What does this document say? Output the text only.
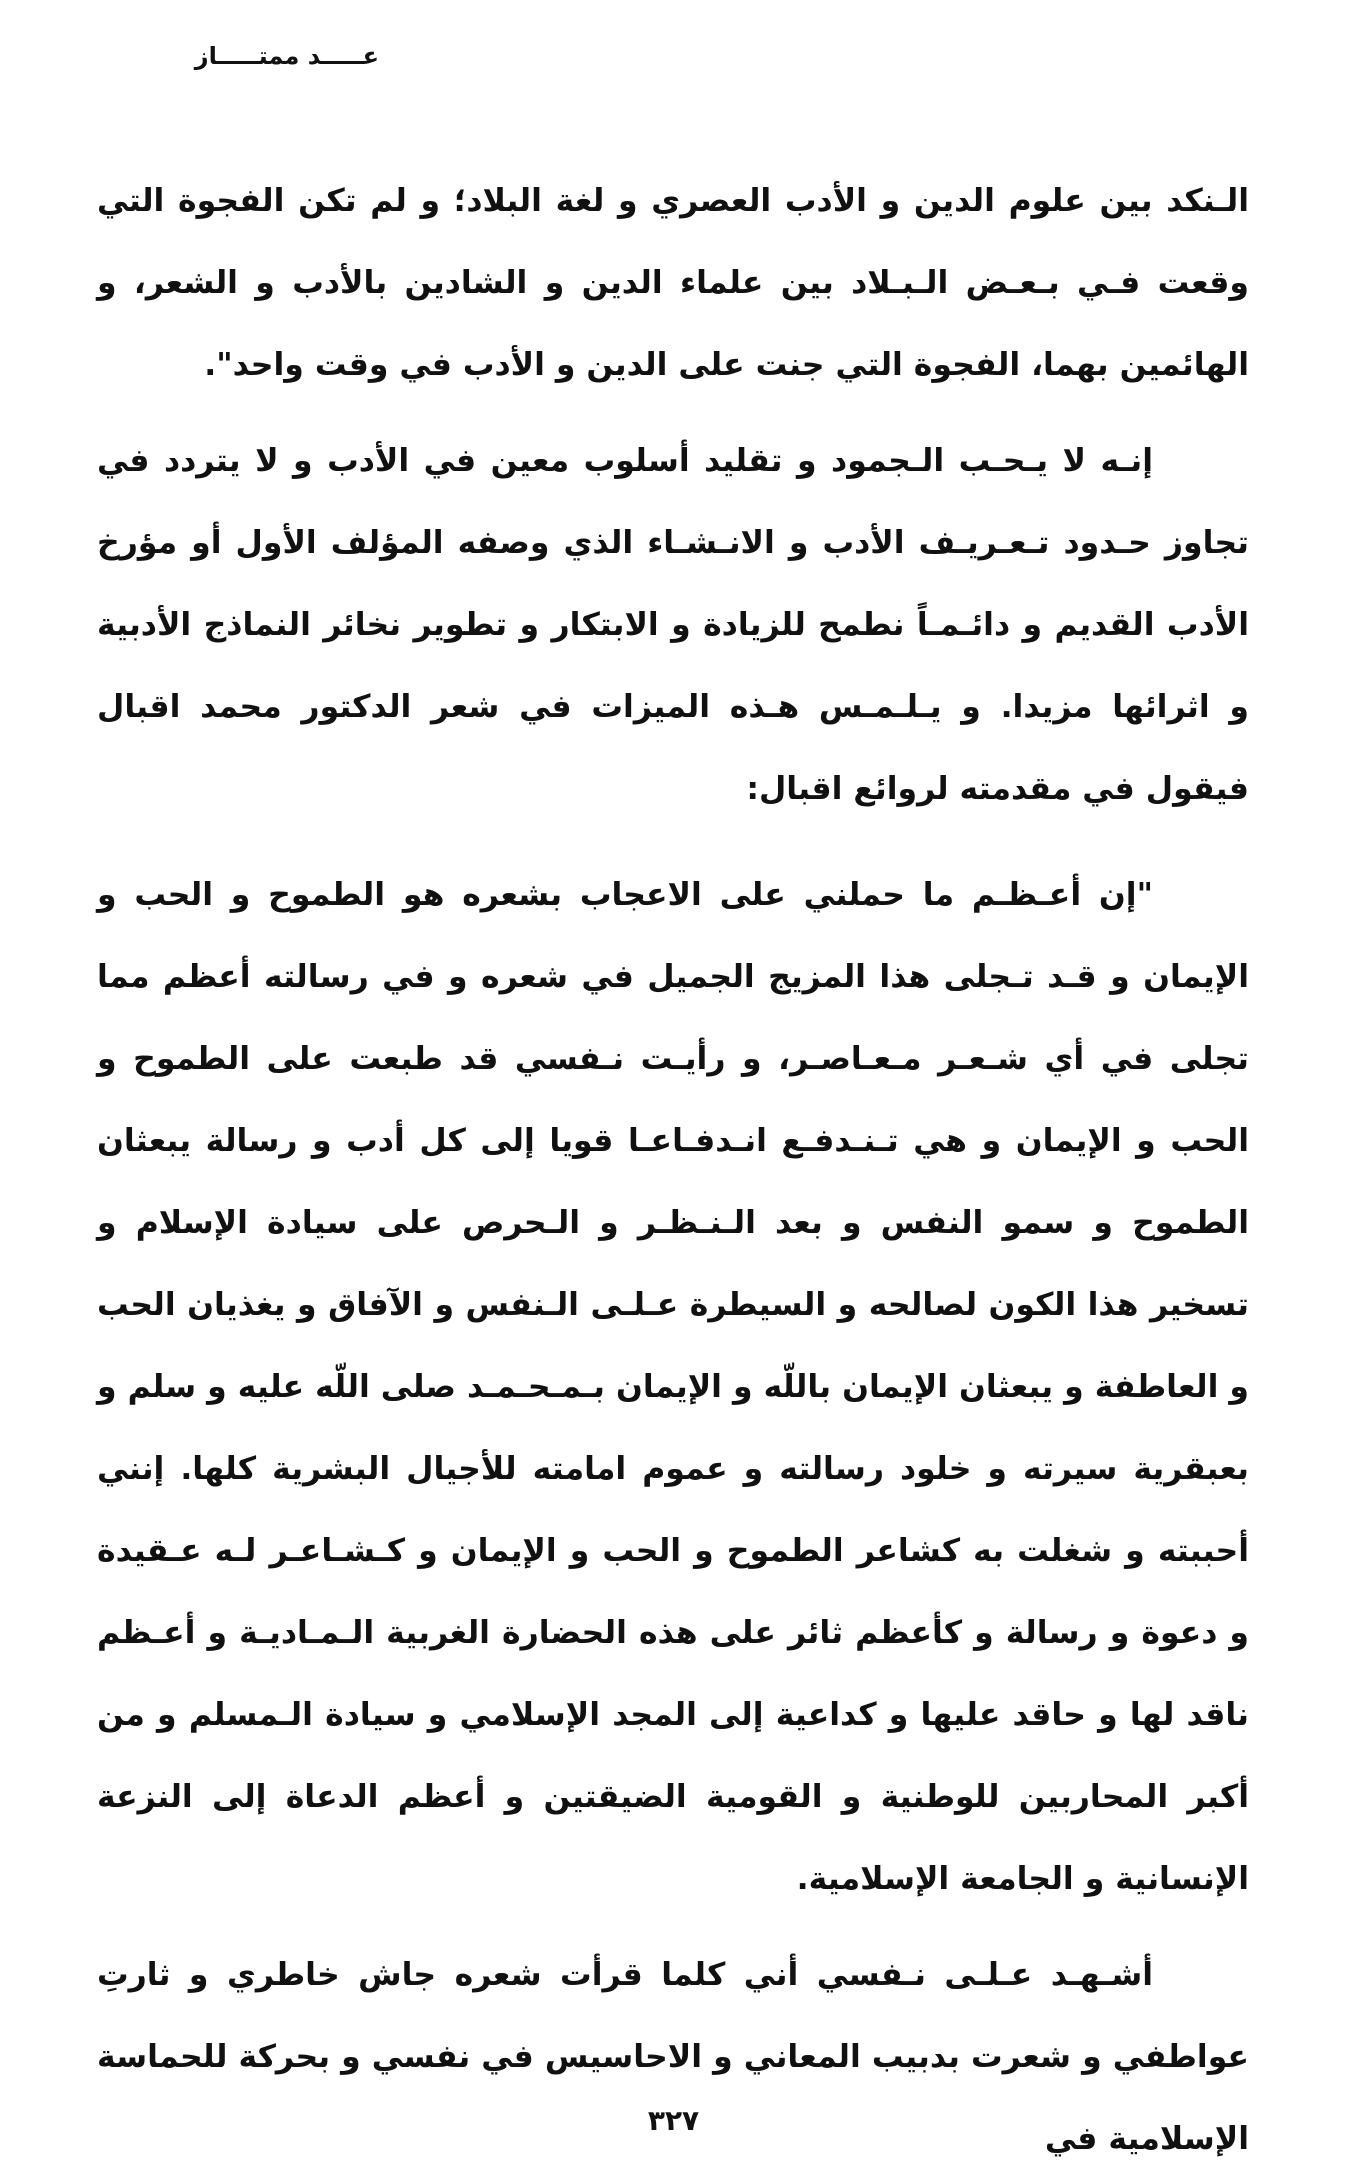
عـــــد ممتـــــاز

الـنكد بين علوم الدين و الأدب العصري و لغة البلاد؛ و لم تكن الفجوة التي وقعت فـي بـعـض الـبـلاد بين علماء الدين و الشادين بالأدب و الشعر، و الهائمين بهما، الفجوة التي جنت على الدين و الأدب في وقت واحد".

إنـه لا يـحـب الـجمود و تقليد أسلوب معين في الأدب و لا يتردد في تجاوز حـدود تـعـريـف الأدب و الانـشـاء الذي وصفه المؤلف الأول أو مؤرخ الأدب القديم و دائـمـاً نطمح للزيادة و الابتكار و تطوير نخائر النماذج الأدبية و اثرائها مزيدا. و يـلـمـس هـذه الميزات في شعر الدكتور محمد اقبال فيقول في مقدمته لروائع اقبال:

"إن أعـظـم ما حملني على الاعجاب بشعره هو الطموح و الحب و الإيمان و قـد تـجلى هذا المزيج الجميل في شعره و في رسالته أعظم مما تجلى في أي شـعـر مـعـاصـر، و رأيـت نـفسي قد طبعت على الطموح و الحب و الإيمان و هي تـنـدفـع انـدفـاعـا قويا إلى كل أدب و رسالة يبعثان الطموح و سمو النفس و بعد الـنـظـر و الـحرص على سيادة الإسلام و تسخير هذا الكون لصالحه و السيطرة عـلـى الـنفس و الآفاق و يغذيان الحب و العاطفة و يبعثان الإيمان باللّه و الإيمان بـمـحـمـد صلى اللّه عليه و سلم و بعبقرية سيرته و خلود رسالته و عموم امامته للأجيال البشرية كلها. إنني أحببته و شغلت به كشاعر الطموح و الحب و الإيمان و كـشـاعـر لـه عـقيدة و دعوة و رسالة و كأعظم ثائر على هذه الحضارة الغربية الـمـاديـة و أعـظم ناقد لها و حاقد عليها و كداعية إلى المجد الإسلامي و سيادة الـمسلم و من أكبر المحاربين للوطنية و القومية الضيقتين و أعظم الدعاة إلى النزعة الإنسانية و الجامعة الإسلامية.

أشـهـد عـلـى نـفسي أني كلما قرأت شعره جاش خاطري و ثارتِ عواطفي و شعرت بدبيب المعاني و الاحاسيس في نفسي و بحركة للحماسة الإسلامية في

٣٢٧
